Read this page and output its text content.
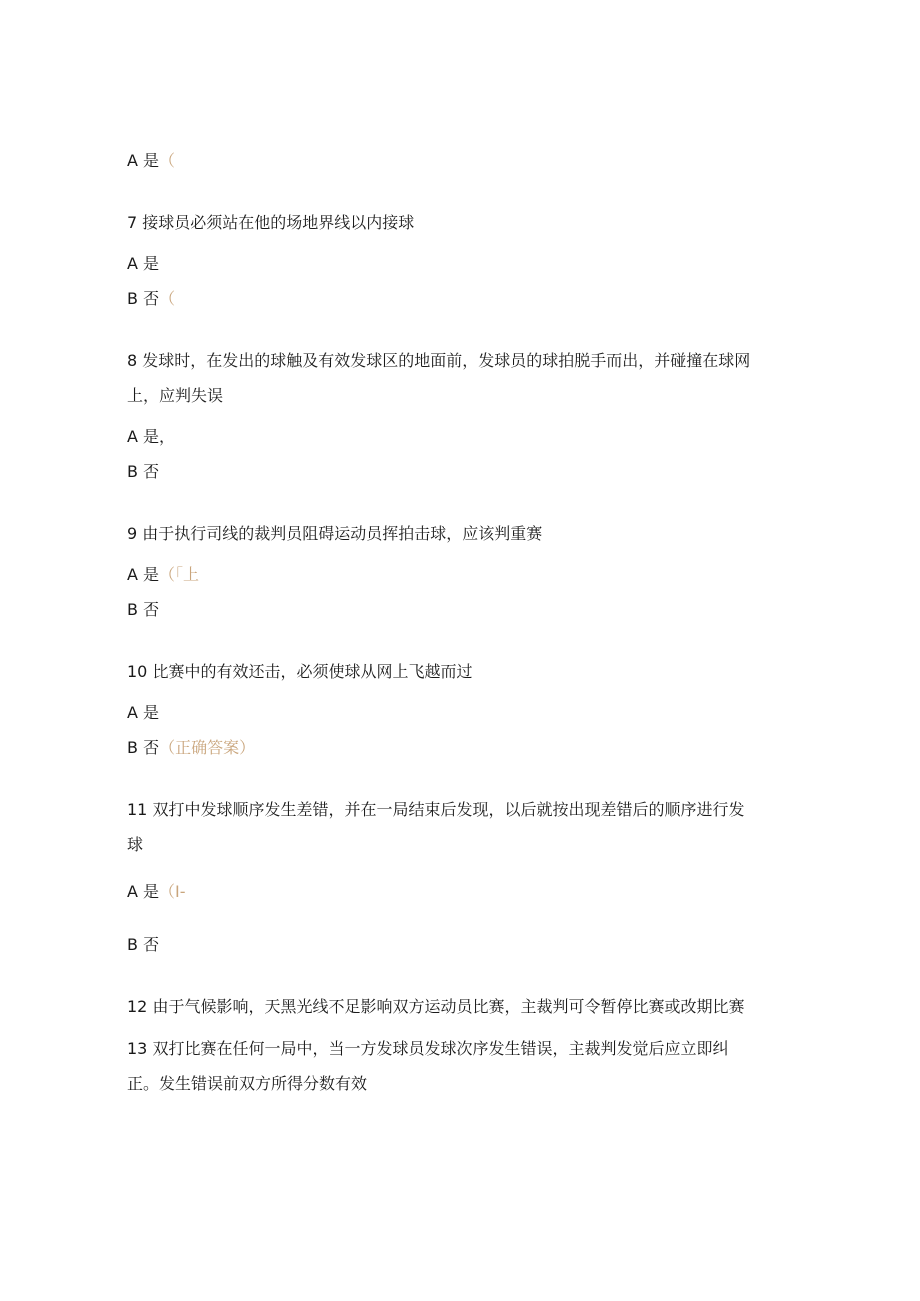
A 是（
7 接球员必须站在他的场地界线以内接球
A 是
B 否（
8 发球时，在发出的球触及有效发球区的地面前，发球员的球拍脱手而出，并碰撞在球网
上，应判失误
A 是，
B 否
9 由于执行司线的裁判员阻碍运动员挥拍击球，应该判重赛
A 是（「上
B 否
10 比赛中的有效还击，必须使球从网上飞越而过
A 是
B 否（正确答案）
11 双打中发球顺序发生差错，并在一局结束后发现，以后就按出现差错后的顺序进行发
球
A 是（I-
B 否
12 由于气候影响，天黑光线不足影响双方运动员比赛，主裁判可令暂停比赛或改期比赛
13 双打比赛在任何一局中，当一方发球员发球次序发生错误，主裁判发觉后应立即纠
正。发生错误前双方所得分数有效
